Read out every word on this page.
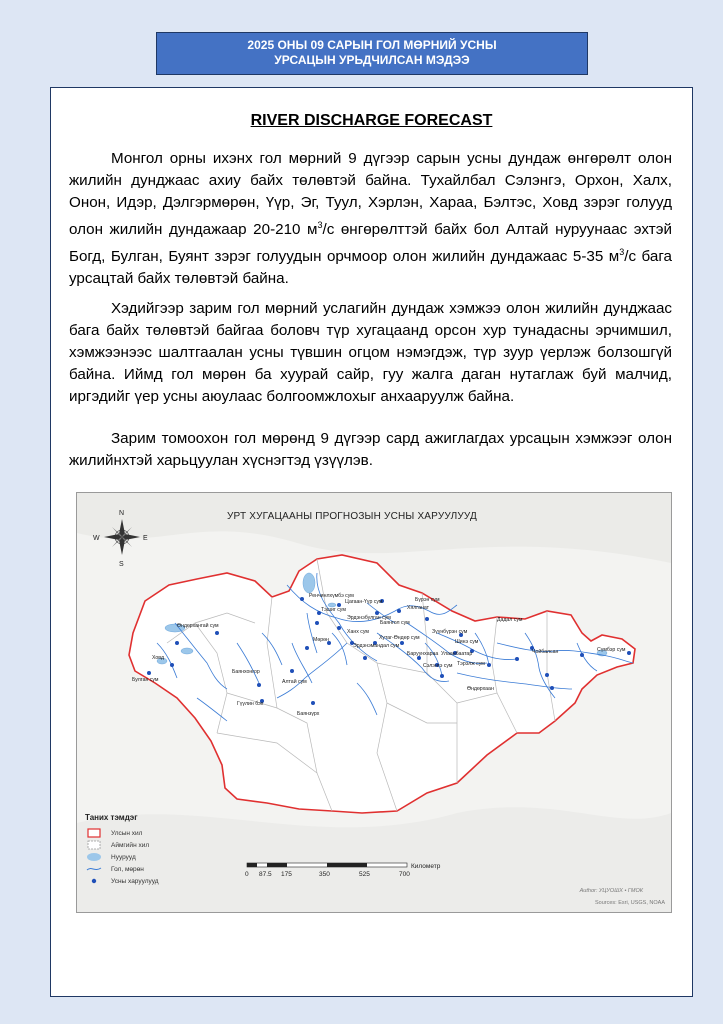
2025 ОНЫ 09 САРЫН ГОЛ МӨРНИЙ УСНЫ
УРСАЦЫН УРЬДЧИЛСАН МЭДЭЭ
RIVER DISCHARGE FORECAST

Монгол орны ихэнх гол мөрний 9 дүгээр сарын усны дундаж өнгөрөлт олон жилийн дунджаас ахиу байх төлөвтэй байна. Тухайлбал Сэлэнгэ, Орхон, Халх, Онон, Идэр, Дэлгэрмөрөн, Үүр, Эг, Туул, Хэрлэн, Хараа, Бэлтэс, Ховд зэрэг голууд олон жилийн дундажаар 20-210 $м^3/с$ өнгөрөлттэй байх бол Алтай нуруунаас эхтэй Богд, Булган, Буянт зэрэг голуудын орчмоор олон жилийн дундажаас 5-35 $м^3/с$ бага урсацтай байх төлөвтэй байна.

Хэдийгээр зарим гол мөрний услагийн дундаж хэмжээ олон жилийн дунджаас бага байх төлөвтэй байгаа боловч түр хугацаанд орсон хур тунадасны эрчимшил, хэмжээнээс шалтгаалан усны түвшин огцом нэмэгдэж, түр зуур үерлэж болзошгүй байна. Иймд гол мөрөн ба хуурай сайр, гуу жалга даган нутаглаж буй малчид, иргэдийг үер усны аюулаас болгоомжлохыг анхааруулж байна.

Зарим томоохон гол мөрөнд 9 дүгээр сард ажиглагдах урсацын хэмжээг олон жилийнхтэй харьцуулан хүснэгтэд үзүүлэв.

Ренчинлхүмбэ сум
Цагаан-Үүр сум
Тэшиг сум	Хялганат
Эрдэнэбулган сум
Бүрэн сум
Баянгол сум
Ханх сум
Мөрөн
Эрдэнэмандал сум
Хутаг-Өндөр сум
Зүүнбүрэн сум
Шинэ сум
Баруунхараа
Сэлэнгэ сум
Улаанбаатар
Тэрэлж сум
Өндөрхангай сум
Баянхонгор
Ховд
Булган сум	Алтай сум
Гүүлин бэх
Баянзүрх
Чойбалсан	Сүмбэр сум
Өндөрхаан
Дадал сум
N
S
E
W
0 87.5 175	350	525	700
Километр
УРТ ХУГАЦААНЫ ПРОГНОЗЫН УСНЫ ХАРУУЛУУД
Таних тэмдэг
Улсын хил
Аймгийн хил
Нуурууд
Гол, мөрөн
Усны харуулууд
Author: УЦУОШХ • ГМОК
Sources: Esri, USGS, NOAA
